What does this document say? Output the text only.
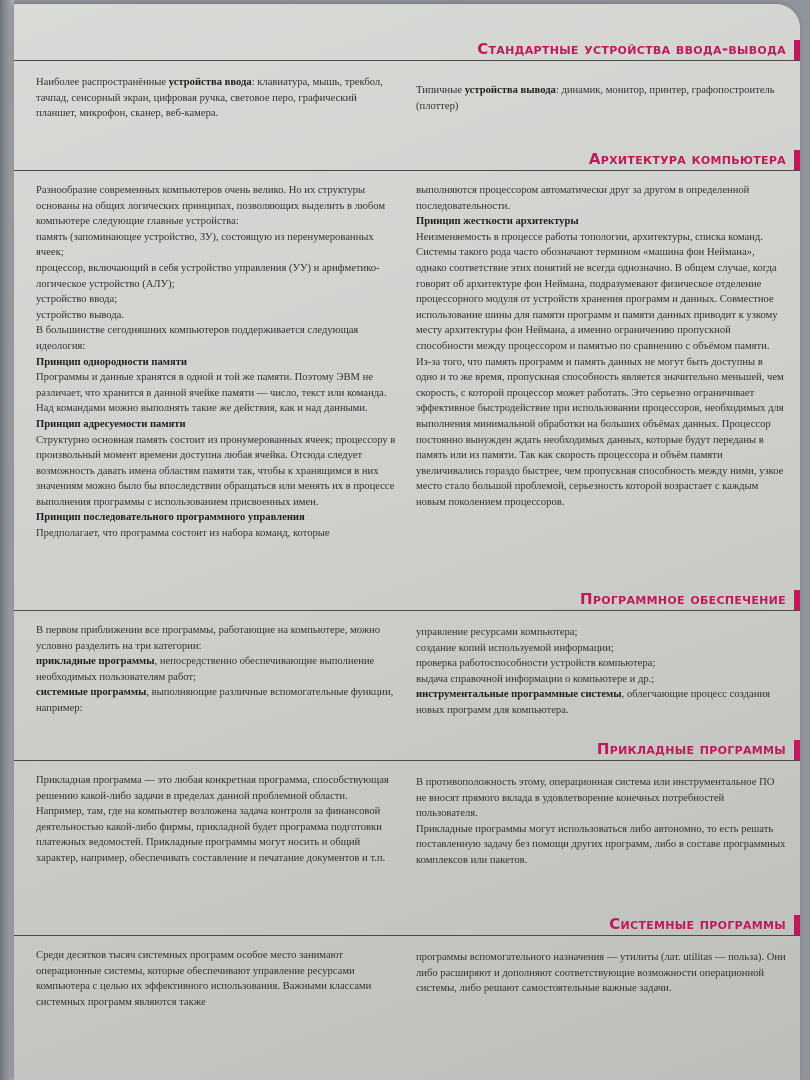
Стандартные устройства ввода-вывода

Наиболее распространённые устройства ввода: клавиатура, мышь, трекбол, тачпад, сенсорный экран, цифровая ручка, световое перо, графический планшет, микрофон, сканер, веб-камера.

Типичные устройства вывода: динамик, монитор, принтер, графопостроитель (плоттер)

Архитектура компьютера

Разнообразие современных компьютеров очень велико. Но их структуры основаны на общих логических принципах, позволяющих выделить в любом компьютере следующие главные устройства:

память (запоминающее устройство, ЗУ), состоящую из перенумерованных ячеек;

процессор, включающий в себя устройство управления (УУ) и арифметико-логическое устройство (АЛУ);

устройство ввода;

устройство вывода.

В большинстве сегодняшних компьютеров поддерживается следующая идеология:

Принцип однородности памяти

Программы и данные хранятся в одной и той же памяти. Поэтому ЭВМ не различает, что хранится в данной ячейке памяти — число, текст или команда. Над командами можно выполнять такие же действия, как и над данными.

Принцип адресуемости памяти

Структурно основная память состоит из пронумерованных ячеек; процессору в произвольный момент времени доступна любая ячейка. Отсюда следует возможность давать имена областям памяти так, чтобы к хранящимся в них значениям можно было бы впоследствии обращаться или менять их в процессе выполнения программы с использованием присвоенных имен.

Принцип последовательного программного управления

Предполагает, что программа состоит из набора команд, которые

выполняются процессором автоматически друг за другом в определенной последовательности.

Принцип жесткости архитектуры

Неизменяемость в процессе работы топологии, архитектуры, списка команд.

Системы такого рода часто обозначают термином «машина фон Неймана», однако соответствие этих понятий не всегда однозначно. В общем случае, когда говорят об архитектуре фон Неймана, подразумевают физическое отделение процессорного модуля от устройств хранения программ и данных. Совместное использование шины для памяти программ и памяти данных приводит к узкому месту архитектуры фон Неймана, а именно ограничению пропускной способности между процессором и памятью по сравнению с объёмом памяти. Из-за того, что память программ и память данных не могут быть доступны в одно и то же время, пропускная способность является значительно меньшей, чем скорость, с которой процессор может работать. Это серьезно ограничивает эффективное быстродействие при использовании процессоров, необходимых для выполнения минимальной обработки на больших объёмах данных. Процессор постоянно вынужден ждать необходимых данных, которые будут переданы в память или из памяти. Так как скорость процессора и объём памяти увеличивались гораздо быстрее, чем пропускная способность между ними, узкое место стало большой проблемой, серьезность которой возрастает с каждым новым поколением процессоров.

Программное обеспечение

В первом приближении все программы, работающие на компьютере, можно условно разделить на три категории:

прикладные программы, непосредственно обеспечивающие выполнение необходимых пользователям работ;

системные программы, выполняющие различные вспомогательные функции, например:

управление ресурсами компьютера;

создание копий используемой информации;

проверка работоспособности устройств компьютера;

выдача справочной информации о компьютере и др.;

инструментальные программные системы, облегчающие процесс создания новых программ для компьютера.

Прикладные программы

Прикладная программа — это любая конкретная программа, способствующая решению какой-либо задачи в пределах данной проблемной области. Например, там, где на компьютер возложена задача контроля за финансовой деятельностью какой-либо фирмы, прикладной будет программа подготовки платежных ведомостей. Прикладные программы могут носить и общий характер, например, обеспечивать составление и печатание документов и т.п.

В противоположность этому, операционная система или инструментальное ПО не вносят прямого вклада в удовлетворение конечных потребностей пользователя.

Прикладные программы могут использоваться либо автономно, то есть решать поставленную задачу без помощи других программ, либо в составе программных комплексов или пакетов.

Системные программы

Среди десятков тысяч системных программ особое место занимают операционные системы, которые обеспечивают управление ресурсами компьютера с целью их эффективного использования. Важными классами системных программ являются также

программы вспомогательного назначения — утилиты (лат. utilitas — польза). Они либо расширяют и дополняют соответствующие возможности операционной системы, либо решают самостоятельные важные задачи.
